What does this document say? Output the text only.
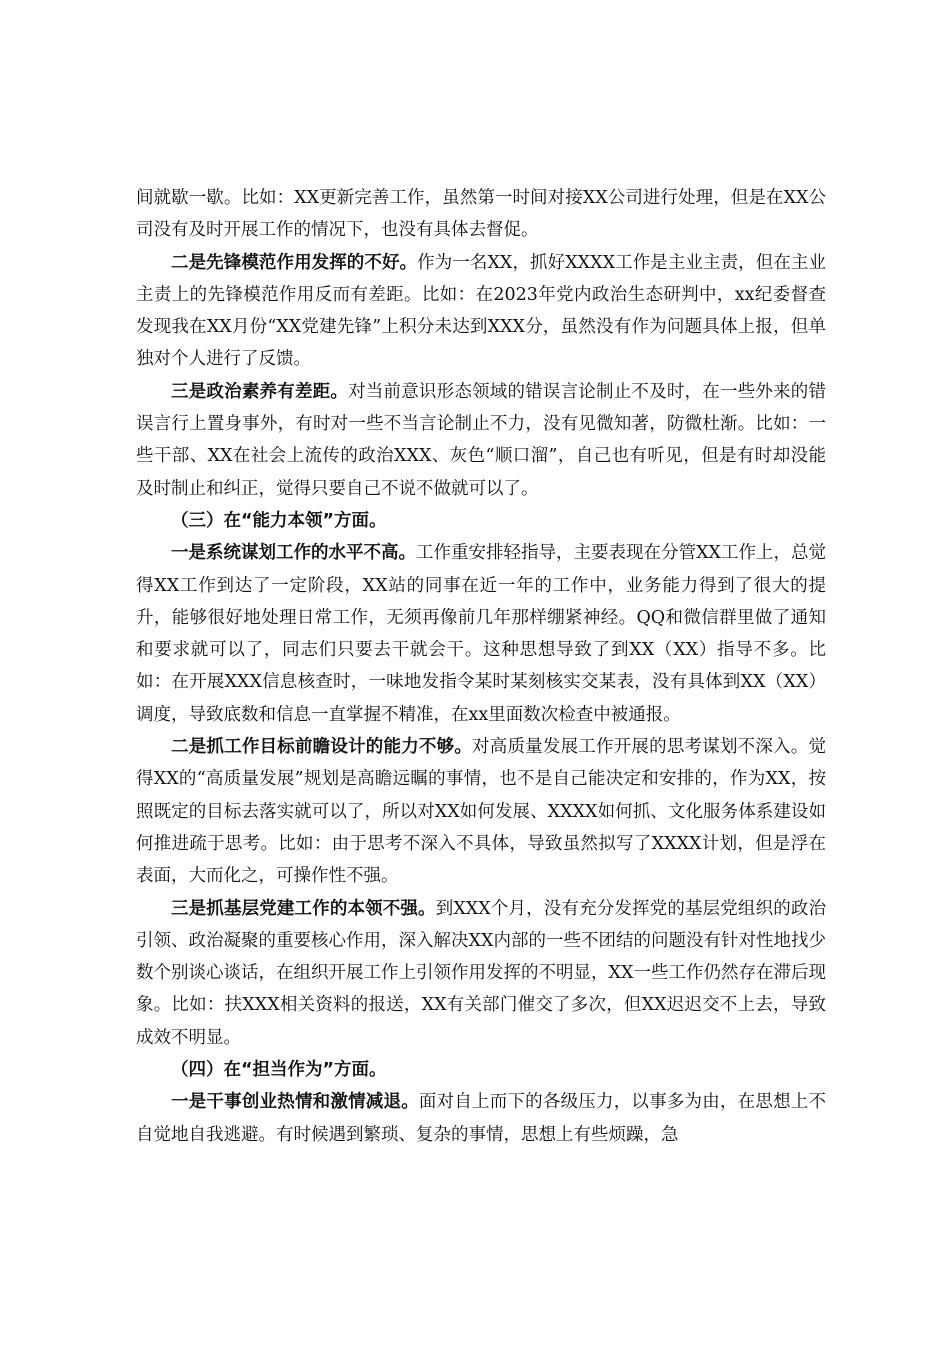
间就歇一歇。比如：XX更新完善工作，虽然第一时间对接XX公司进行处理，但是在XX公司没有及时开展工作的情况下，也没有具体去督促。

二是先锋模范作用发挥的不好。作为一名XX，抓好XXXX工作是主业主责，但在主业主责上的先锋模范作用反而有差距。比如：在2023年党内政治生态研判中，xx纪委督查发现我在XX月份“XX党建先锋”上积分未达到XXX分，虽然没有作为问题具体上报，但单独对个人进行了反馈。

三是政治素养有差距。对当前意识形态领域的错误言论制止不及时，在一些外来的错误言行上置身事外，有时对一些不当言论制止不力，没有见微知著，防微杜渐。比如：一些干部、XX在社会上流传的政治XXX、灰色“顺口溜”，自己也有听见，但是有时却没能及时制止和纠正，觉得只要自己不说不做就可以了。

（三）在“能力本领”方面。

一是系统谋划工作的水平不高。工作重安排轻指导，主要表现在分管XX工作上，总觉得XX工作到达了一定阶段，XX站的同事在近一年的工作中，业务能力得到了很大的提升，能够很好地处理日常工作，无须再像前几年那样绷紧神经。QQ和微信群里做了通知和要求就可以了，同志们只要去干就会干。这种思想导致了到XX（XX）指导不多。比如：在开展XXX信息核查时，一味地发指令某时某刻核实交某表，没有具体到XX（XX）调度，导致底数和信息一直掌握不精准，在xx里面数次检查中被通报。

二是抓工作目标前瞻设计的能力不够。对高质量发展工作开展的思考谋划不深入。觉得XX的“高质量发展”规划是高瞻远瞩的事情，也不是自己能决定和安排的，作为XX，按照既定的目标去落实就可以了，所以对XX如何发展、XXXX如何抓、文化服务体系建设如何推进疏于思考。比如：由于思考不深入不具体，导致虽然拟写了XXXX计划，但是浮在表面，大而化之，可操作性不强。

三是抓基层党建工作的本领不强。到XXX个月，没有充分发挥党的基层党组织的政治引领、政治凝聚的重要核心作用，深入解决XX内部的一些不团结的问题没有针对性地找少数个别谈心谈话，在组织开展工作上引领作用发挥的不明显，XX一些工作仍然存在滞后现象。比如：扶XXX相关资料的报送，XX有关部门催交了多次，但XX迟迟交不上去，导致成效不明显。

（四）在“担当作为”方面。

一是干事创业热情和激情减退。面对自上而下的各级压力，以事多为由，在思想上不自觉地自我逃避。有时候遇到繁琐、复杂的事情，思想上有些烦躁，急
